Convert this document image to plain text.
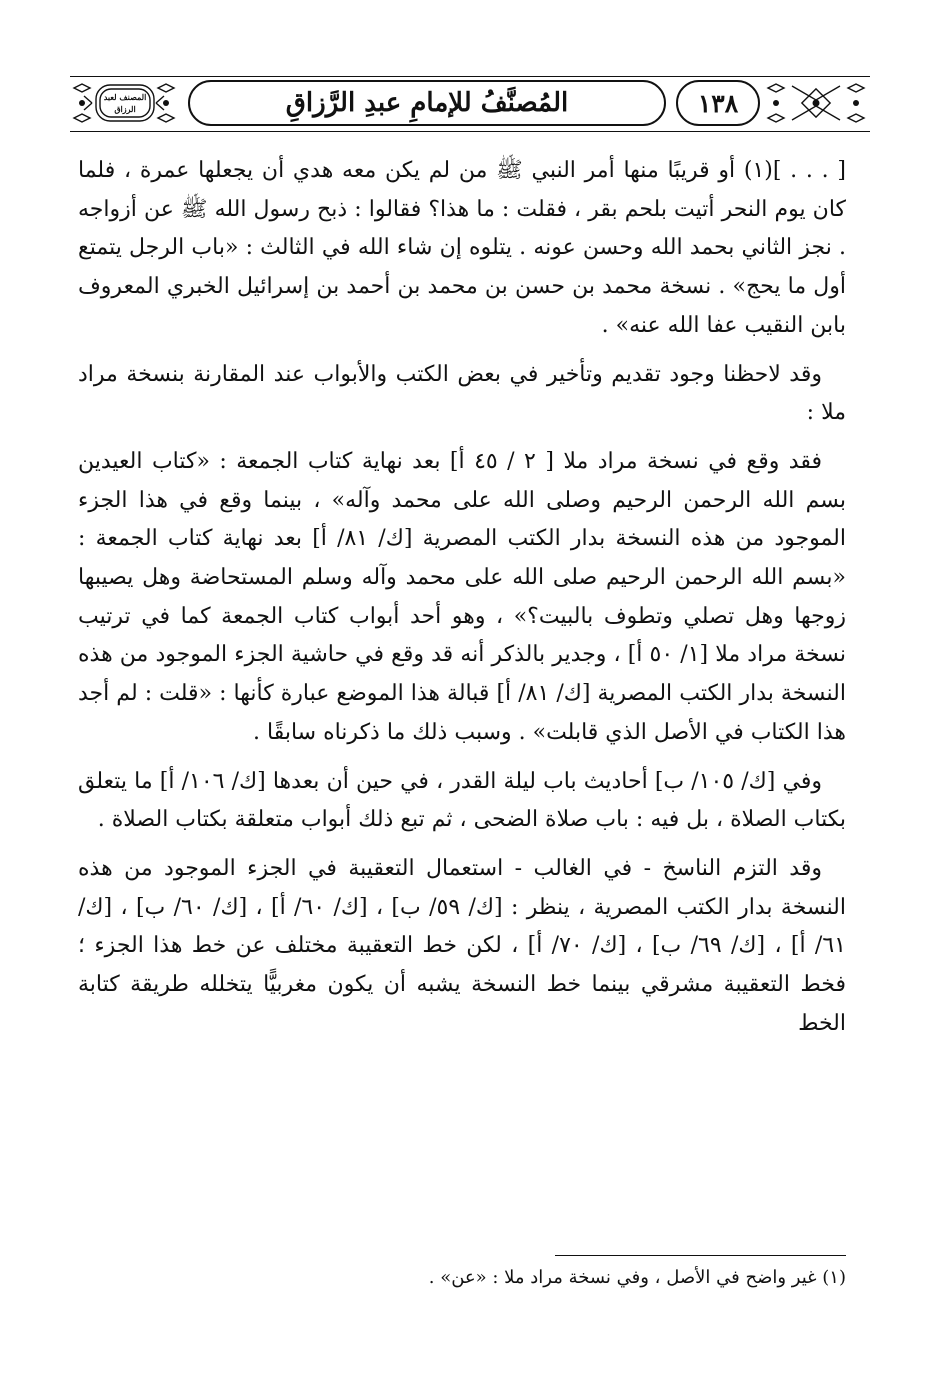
المصنف لعبد الرزاق	المُصنَّفُ للإمامِ عبدِ الرَّزاقِ	١٣٨

[ . . . ](١) أو قريبًا منها أمر النبي ﷺ من لم يكن معه هدي أن يجعلها عمرة ، فلما كان يوم النحر أتيت بلحم بقر ، فقلت : ما هذا؟ فقالوا : ذبح رسول الله ﷺ عن أزواجه . نجز الثاني بحمد الله وحسن عونه . يتلوه إن شاء الله في الثالث : «باب الرجل يتمتع أول ما يحج» . نسخة محمد بن حسن بن محمد بن أحمد بن إسرائيل الخبري المعروف بابن النقيب عفا الله عنه» .

وقد لاحظنا وجود تقديم وتأخير في بعض الكتب والأبواب عند المقارنة بنسخة مراد ملا :

فقد وقع في نسخة مراد ملا [ ٢ / ٤٥ أ] بعد نهاية كتاب الجمعة : «كتاب العيدين بسم الله الرحمن الرحيم وصلى الله على محمد وآله» ، بينما وقع في هذا الجزء الموجود من هذه النسخة بدار الكتب المصرية [ك/ ٨١/ أ] بعد نهاية كتاب الجمعة : «بسم الله الرحمن الرحيم صلى الله على محمد وآله وسلم المستحاضة وهل يصيبها زوجها وهل تصلي وتطوف بالبيت؟» ، وهو أحد أبواب كتاب الجمعة كما في ترتيب نسخة مراد ملا [١/ ٥٠ أ] ، وجدير بالذكر أنه قد وقع في حاشية الجزء الموجود من هذه النسخة بدار الكتب المصرية [ك/ ٨١/ أ] قبالة هذا الموضع عبارة كأنها : «قلت : لم أجد هذا الكتاب في الأصل الذي قابلت» . وسبب ذلك ما ذكرناه سابقًا .

وفي [ك/ ١٠٥/ ب] أحاديث باب ليلة القدر ، في حين أن بعدها [ك/ ١٠٦/ أ] ما يتعلق بكتاب الصلاة ، بل فيه : باب صلاة الضحى ، ثم تبع ذلك أبواب متعلقة بكتاب الصلاة .

وقد التزم الناسخ - في الغالب - استعمال التعقيبة في الجزء الموجود من هذه النسخة بدار الكتب المصرية ، ينظر : [ك/ ٥٩/ ب] ، [ك/ ٦٠/ أ] ، [ك/ ٦٠/ ب] ، [ك/ ٦١/ أ] ، [ك/ ٦٩/ ب] ، [ك/ ٧٠/ أ] ، لكن خط التعقيبة مختلف عن خط هذا الجزء ؛ فخط التعقيبة مشرقي بينما خط النسخة يشبه أن يكون مغربيًّا يتخلله طريقة كتابة الخط

(١) غير واضح في الأصل ، وفي نسخة مراد ملا : «عن» .
